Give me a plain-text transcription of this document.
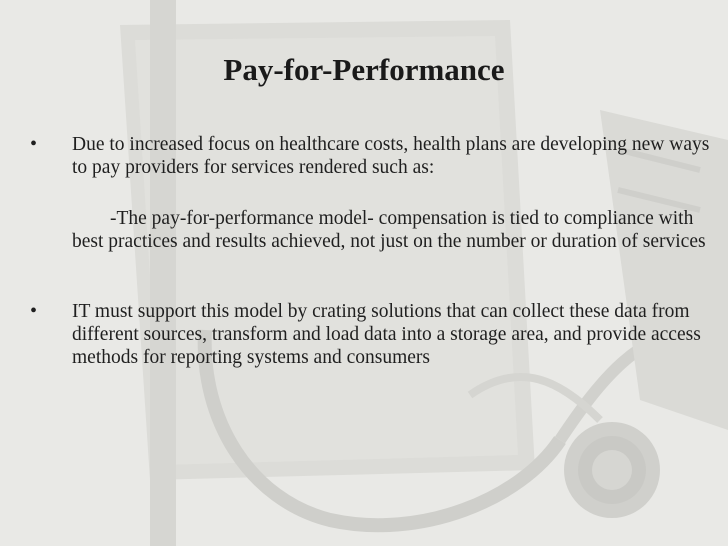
Pay-for-Performance
• Due to increased focus on healthcare costs, health plans are developing new ways to pay providers for services rendered such as:
-The pay-for-performance model- compensation is tied to compliance with best practices and results achieved, not just on the number or duration of services
• IT must support this model by crating solutions that can collect these data from different sources, transform and load data into a storage area, and provide access methods for reporting systems and consumers
